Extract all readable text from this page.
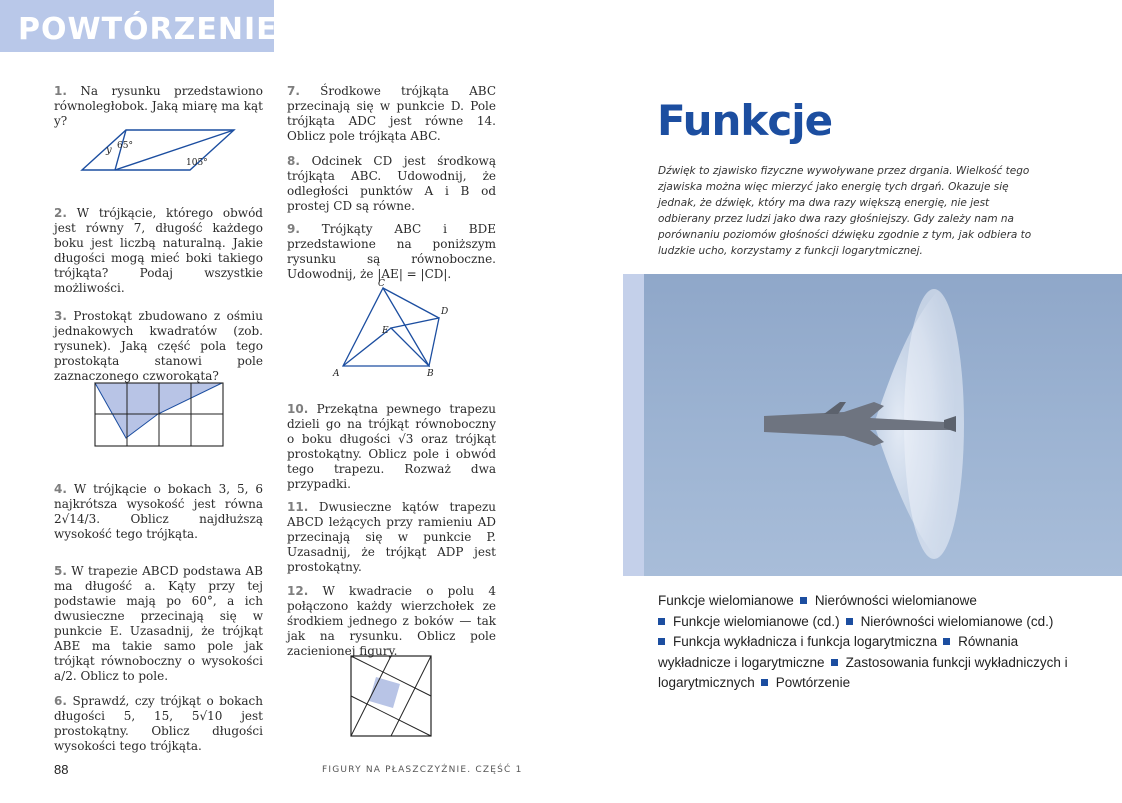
POWTÓRZENIE
1. Na rysunku przedstawiono równoległobok. Jaką miarę ma kąt y?
y 65°
105°
2. W trójkącie, którego obwód jest równy 7, długość każdego boku jest liczbą naturalną. Jakie długości mogą mieć boki takiego trójkąta? Podaj wszystkie możliwości.
3. Prostokąt zbudowano z ośmiu jednakowych kwadratów (zob. rysunek). Jaką część pola tego prostokąta stanowi pole zaznaczonego czworokąta?
4. W trójkącie o bokach 3, 5, 6 najkrótsza wysokość jest równa 2√14/3. Oblicz najdłuższą wysokość tego trójkąta.
5. W trapezie ABCD podstawa AB ma długość a. Kąty przy tej podstawie mają po 60°, a ich dwusieczne przecinają się w punkcie E. Uzasadnij, że trójkąt ABE ma takie samo pole jak trójkąt równoboczny o wysokości a/2. Oblicz to pole.
6. Sprawdź, czy trójkąt o bokach długości 5, 15, 5√10 jest prostokątny. Oblicz długości wysokości tego trójkąta.
7. Środkowe trójkąta ABC przecinają się w punkcie D. Pole trójkąta ADC jest równe 14. Oblicz pole trójkąta ABC.
8. Odcinek CD jest środkową trójkąta ABC. Udowodnij, że odległości punktów A i B od prostej CD są równe.
9. Trójkąty ABC i BDE przedstawione na poniższym rysunku są równoboczne. Udowodnij, że |AE| = |CD|.
A	B
C
D
E
10. Przekątna pewnego trapezu dzieli go na trójkąt równoboczny o boku długości √3 oraz trójkąt prostokątny. Oblicz pole i obwód tego trapezu. Rozważ dwa przypadki.
11. Dwusieczne kątów trapezu ABCD leżących przy ramieniu AD przecinają się w punkcie P. Uzasadnij, że trójkąt ADP jest prostokątny.
12. W kwadracie o polu 4 połączono każdy wierzchołek ze środkiem jednego z boków — tak jak na rysunku. Oblicz pole zacienionej figury.
88	FIGURY NA PŁASZCZYŹNIE. CZĘŚĆ 1
Funkcje
Dźwięk to zjawisko fizyczne wywoływane przez drgania. Wielkość tego zjawiska można więc mierzyć jako energię tych drgań. Okazuje się jednak, że dźwięk, który ma dwa razy większą energię, nie jest odbierany przez ludzi jako dwa razy głośniejszy. Gdy zależy nam na porównaniu poziomów głośności dźwięku zgodnie z tym, jak odbiera to ludzkie ucho, korzystamy z funkcji logarytmicznej.
Funkcje wielomianowe Nierówności wielomianowe
Funkcje wielomianowe (cd.) Nierówności wielomianowe (cd.)
Funkcja wykładnicza i funkcja logarytmiczna Równania wykładnicze i logarytmiczne Zastosowania funkcji wykładniczych i logarytmicznych Powtórzenie
